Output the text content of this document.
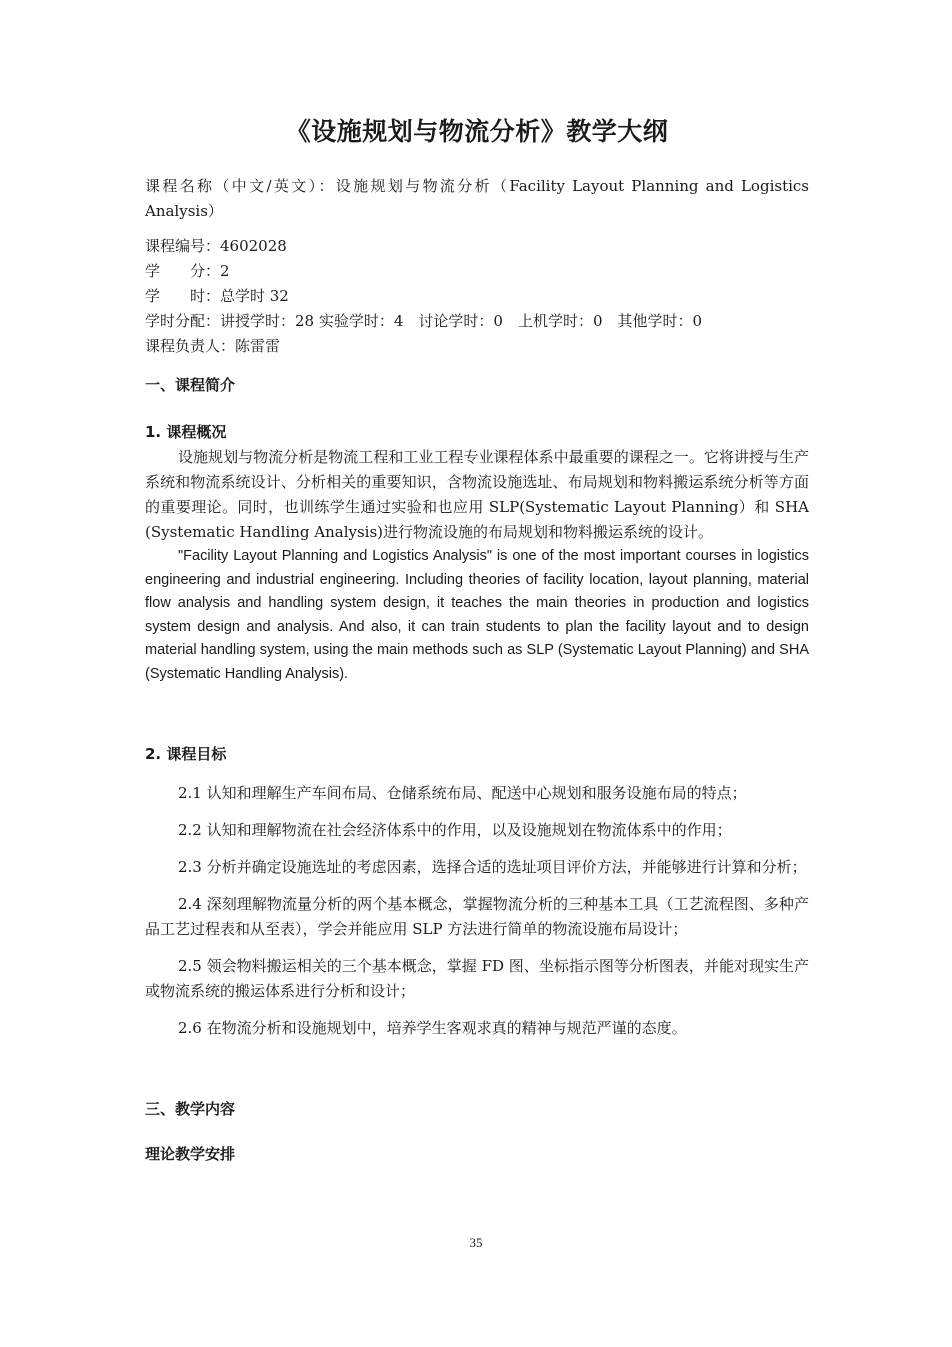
《设施规划与物流分析》教学大纲

课程名称（中文/英文）：设施规划与物流分析（Facility Layout Planning and Logistics Analysis）

课程编号：4602028

学　　分：2

学　　时：总学时 32

学时分配：讲授学时：28 实验学时：4　讨论学时：0　上机学时：0　其他学时：0

课程负责人：陈雷雷

一、课程简介

1. 课程概况

设施规划与物流分析是物流工程和工业工程专业课程体系中最重要的课程之一。它将讲授与生产系统和物流系统设计、分析相关的重要知识，含物流设施选址、布局规划和物料搬运系统分析等方面的重要理论。同时，也训练学生通过实验和也应用 SLP(Systematic Layout Planning）和 SHA (Systematic Handling Analysis)进行物流设施的布局规划和物料搬运系统的设计。

"Facility Layout Planning and Logistics Analysis" is one of the most important courses in logistics engineering and industrial engineering. Including theories of facility location, layout planning, material flow analysis and handling system design, it teaches the main theories in production and logistics system design and analysis. And also, it can train students to plan the facility layout and to design material handling system, using the main methods such as SLP (Systematic Layout Planning) and SHA (Systematic Handling Analysis).

2. 课程目标

2.1 认知和理解生产车间布局、仓储系统布局、配送中心规划和服务设施布局的特点；

2.2 认知和理解物流在社会经济体系中的作用，以及设施规划在物流体系中的作用；

2.3 分析并确定设施选址的考虑因素，选择合适的选址项目评价方法，并能够进行计算和分析；

2.4 深刻理解物流量分析的两个基本概念，掌握物流分析的三种基本工具（工艺流程图、多种产品工艺过程表和从至表），学会并能应用 SLP 方法进行简单的物流设施布局设计；

2.5 领会物料搬运相关的三个基本概念，掌握 FD 图、坐标指示图等分析图表，并能对现实生产或物流系统的搬运体系进行分析和设计；

2.6 在物流分析和设施规划中，培养学生客观求真的精神与规范严谨的态度。

三、教学内容

理论教学安排

35
